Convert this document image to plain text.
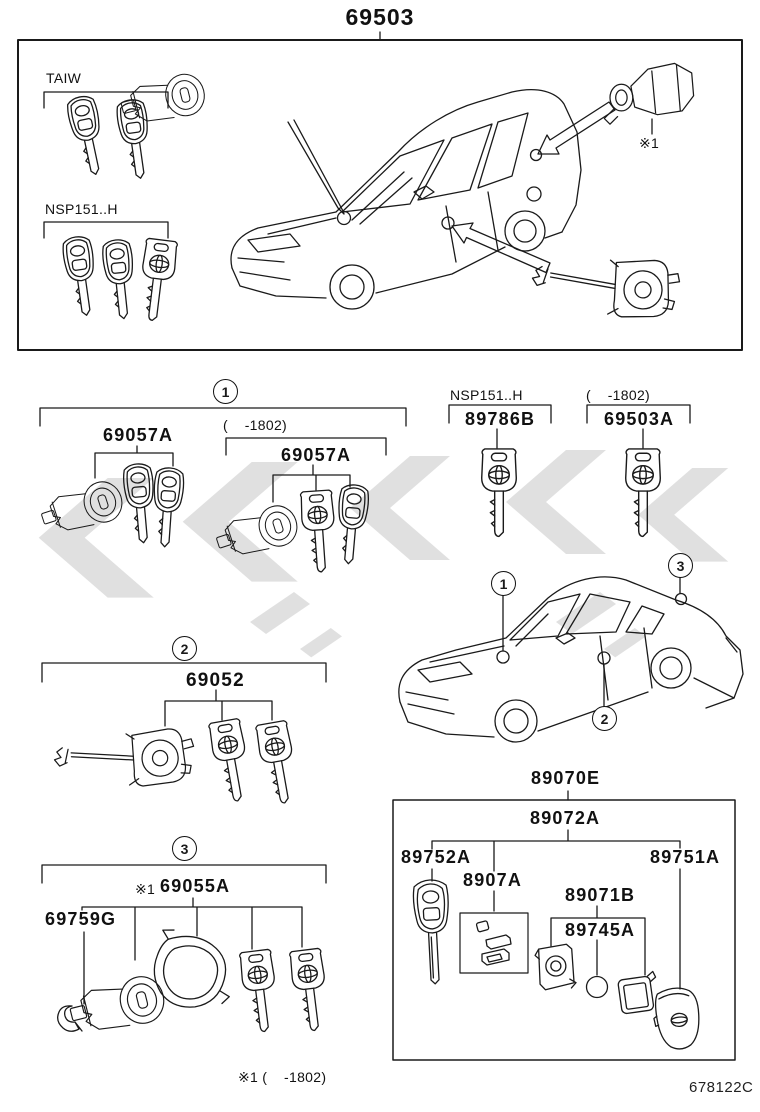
69503
TAIW
NSP151..H
※1
1
69057A	(    -1802)
69057A
NSP151..H
89786B
(    -1802)
69503A
1
2
3
2
69052
3
※1 69055A
69759G
89070E
89072A
89752A
8907A
89751A
89071B
89745A
※1 (    -1802)
678122C
